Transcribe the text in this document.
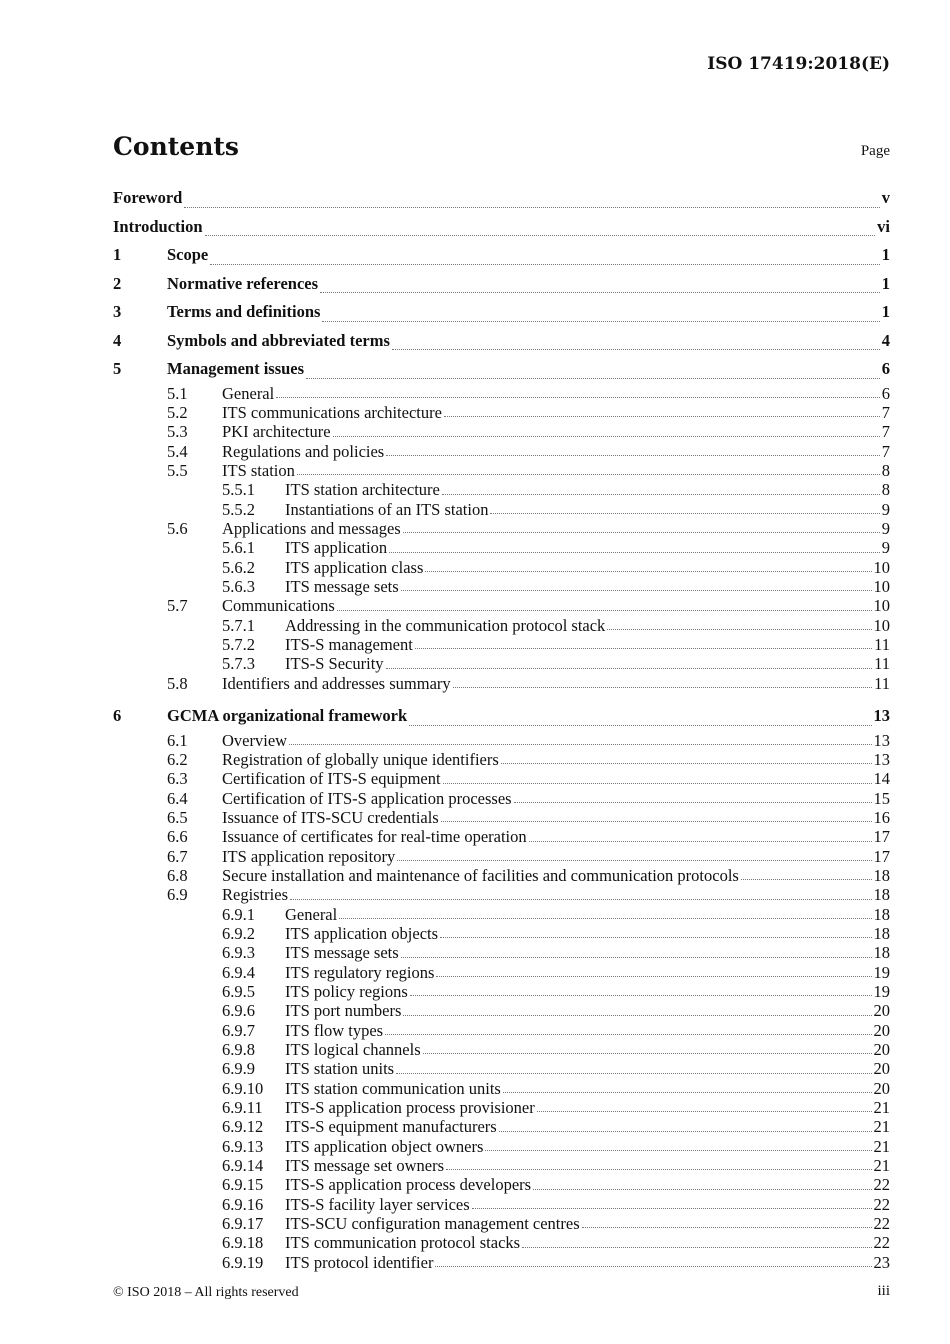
ISO 17419:2018(E)
Contents	Page
Foreword	v
Introduction	vi
1	Scope	1
2	Normative references	1
3	Terms and definitions	1
4	Symbols and abbreviated terms	4
5	Management issues	6
5.1	General	6
5.2	ITS communications architecture	7
5.3	PKI architecture	7
5.4	Regulations and policies	7
5.5	ITS station	8
5.5.1	ITS station architecture	8
5.5.2	Instantiations of an ITS station	9
5.6	Applications and messages	9
5.6.1	ITS application	9
5.6.2	ITS application class	10
5.6.3	ITS message sets	10
5.7	Communications	10
5.7.1	Addressing in the communication protocol stack	10
5.7.2	ITS-S management	11
5.7.3	ITS-S Security	11
5.8	Identifiers and addresses summary	11
6	GCMA organizational framework	13
6.1	Overview	13
6.2	Registration of globally unique identifiers	13
6.3	Certification of ITS-S equipment	14
6.4	Certification of ITS-S application processes	15
6.5	Issuance of ITS-SCU credentials	16
6.6	Issuance of certificates for real-time operation	17
6.7	ITS application repository	17
6.8	Secure installation and maintenance of facilities and communication protocols	18
6.9	Registries	18
6.9.1	General	18
6.9.2	ITS application objects	18
6.9.3	ITS message sets	18
6.9.4	ITS regulatory regions	19
6.9.5	ITS policy regions	19
6.9.6	ITS port numbers	20
6.9.7	ITS flow types	20
6.9.8	ITS logical channels	20
6.9.9	ITS station units	20
6.9.10	ITS station communication units	20
6.9.11	ITS-S application process provisioner	21
6.9.12	ITS-S equipment manufacturers	21
6.9.13	ITS application object owners	21
6.9.14	ITS message set owners	21
6.9.15	ITS-S application process developers	22
6.9.16	ITS-S facility layer services	22
6.9.17	ITS-SCU configuration management centres	22
6.9.18	ITS communication protocol stacks	22
6.9.19	ITS protocol identifier	23
© ISO 2018 – All rights reserved	iii
